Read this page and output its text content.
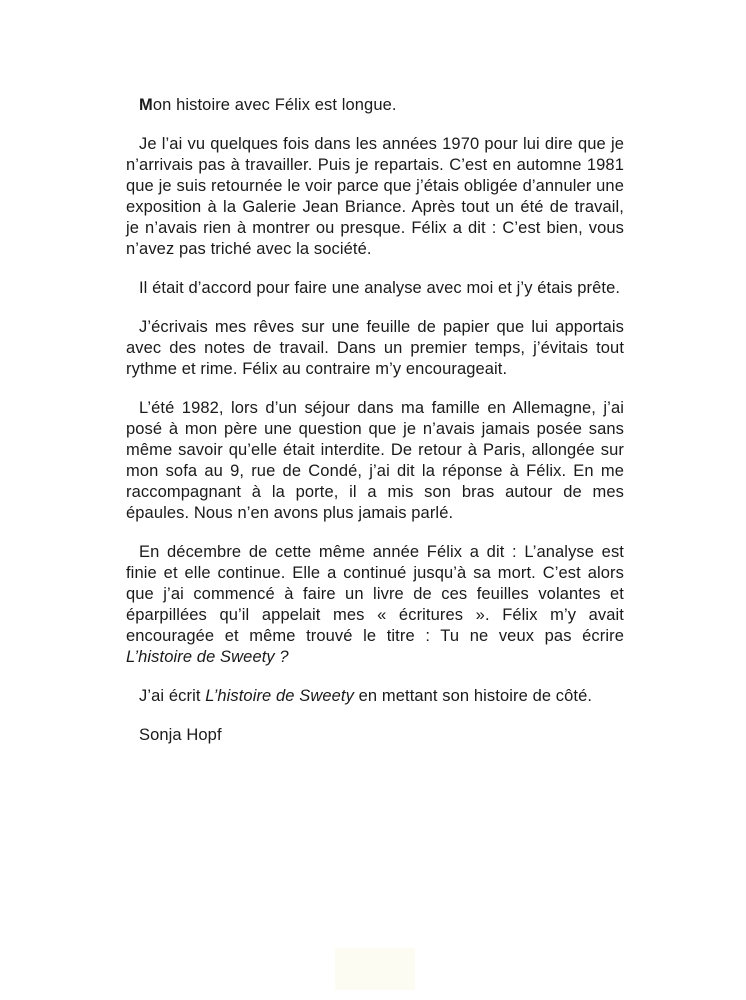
Mon histoire avec Félix est longue.

Je l’ai vu quelques fois dans les années 1970 pour lui dire que je n’arrivais pas à travailler. Puis je repartais. C’est en automne 1981 que je suis retournée le voir parce que j’étais obligée d’annuler une exposition à la Galerie Jean Briance. Après tout un été de travail, je n’avais rien à montrer ou presque. Félix a dit : C’est bien, vous n’avez pas triché avec la société.

Il était d’accord pour faire une analyse avec moi et j’y étais prête.

J’écrivais mes rêves sur une feuille de papier que lui apportais avec des notes de travail. Dans un premier temps, j’évitais tout rythme et rime. Félix au contraire m’y encourageait.

L’été 1982, lors d’un séjour dans ma famille en Allemagne, j’ai posé à mon père une question que je n’avais jamais posée sans même savoir qu’elle était interdite. De retour à Paris, allongée sur mon sofa au 9, rue de Condé, j’ai dit la réponse à Félix. En me raccompagnant à la porte, il a mis son bras autour de mes épaules. Nous n’en avons plus jamais parlé.

En décembre de cette même année Félix a dit : L’analyse est finie et elle continue. Elle a continué jusqu’à sa mort. C’est alors que j’ai commencé à faire un livre de ces feuilles volantes et éparpillées qu’il appelait mes « écritures ». Félix m’y avait encouragée et même trouvé le titre : Tu ne veux pas écrire L’histoire de Sweety ?

J’ai écrit L’histoire de Sweety en mettant son histoire de côté.

Sonja Hopf
